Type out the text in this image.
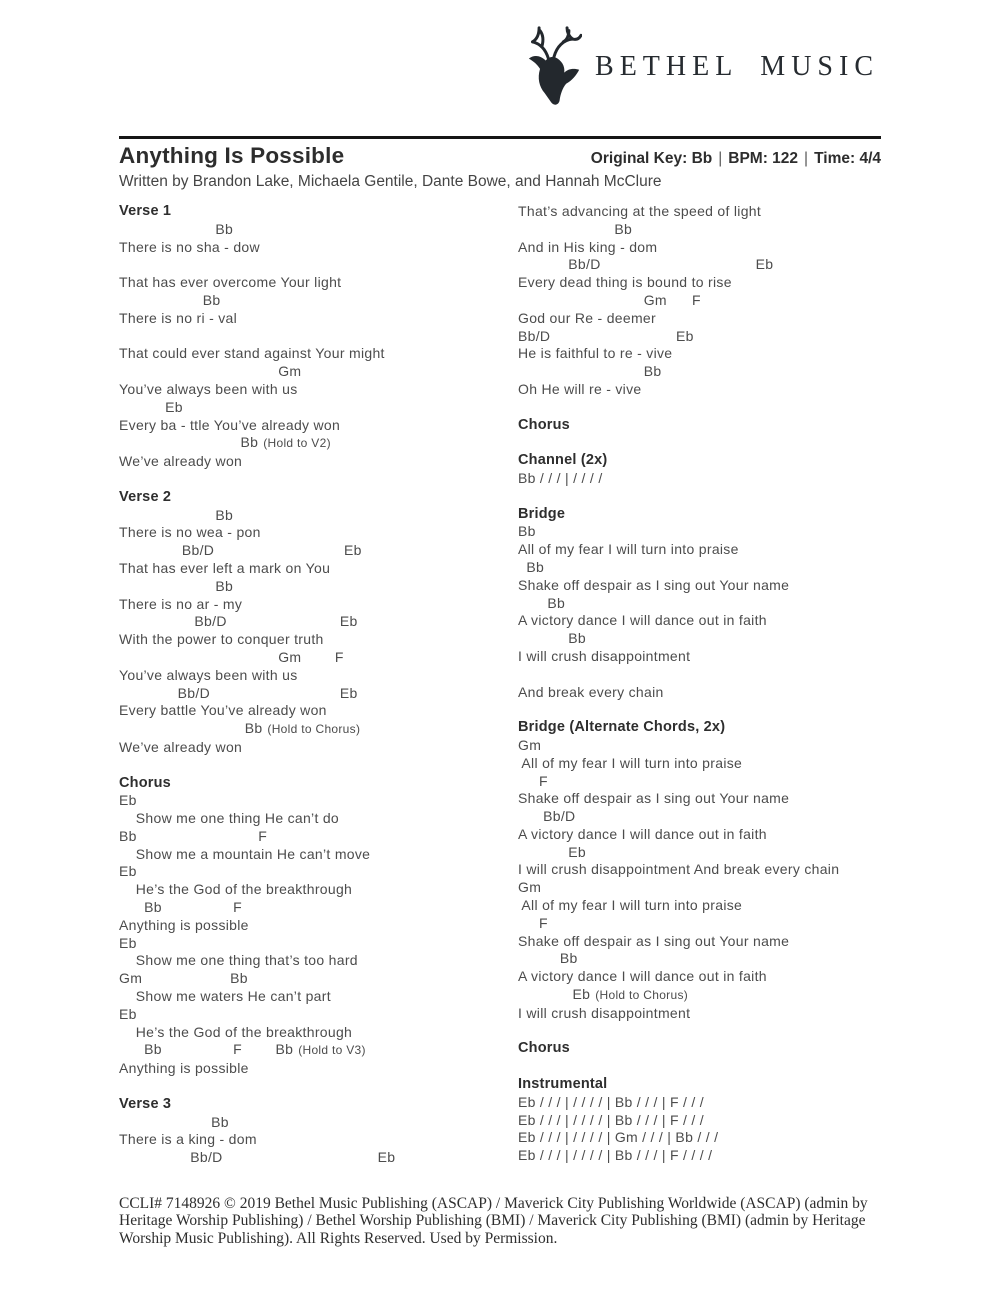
BETHEL MUSIC
Anything Is Possible	Original Key: Bb | BPM: 122 | Time: 4/4
Written by Brandon Lake, Michaela Gentile, Dante Bowe, and Hannah McClure
Verse 1
Bb
There is no sha - dow

That has ever overcome Your light
Bb
There is no ri - val

That could ever stand against Your might
Gm
You’ve always been with us
Eb
Every ba - ttle You’ve already won
Bb (Hold to V2)
We’ve already won
Verse 2
Bb
There is no wea - pon
Bb/D                               Eb
That has ever left a mark on You
Bb
There is no ar - my
Bb/D                           Eb
With the power to conquer truth
Gm        F
You’ve always been with us
Bb/D                               Eb
Every battle You’ve already won
Bb (Hold to Chorus)
We’ve already won
Chorus
Eb
Show me one thing He can’t do
Bb                             F
Show me a mountain He can’t move
Eb
He’s the God of the breakthrough
Bb                 F
Anything is possible
Eb
Show me one thing that’s too hard
Gm                     Bb
Show me waters He can’t part
Eb
He’s the God of the breakthrough
Bb                 F        Bb (Hold to V3)
Anything is possible
Verse 3
Bb
There is a king - dom
Bb/D                                     Eb
That’s advancing at the speed of light
Bb
And in His king - dom
Bb/D                                     Eb
Every dead thing is bound to rise
Gm      F
God our Re - deemer
Bb/D                              Eb
He is faithful to re - vive
Bb
Oh He will re - vive
Chorus
Channel (2x)
Bb / / / | / / / /
Bridge
Bb
All of my fear I will turn into praise
Bb
Shake off despair as I sing out Your name
Bb
A victory dance I will dance out in faith
Bb
I will crush disappointment

And break every chain
Bridge (Alternate Chords, 2x)
Gm
All of my fear I will turn into praise
F
Shake off despair as I sing out Your name
Bb/D
A victory dance I will dance out in faith
Eb
I will crush disappointment And break every chain
Gm
All of my fear I will turn into praise
F
Shake off despair as I sing out Your name
Bb
A victory dance I will dance out in faith
Eb (Hold to Chorus)
I will crush disappointment
Chorus
Instrumental
Eb / / / | / / / / | Bb / / / | F / / /
Eb / / / | / / / / | Bb / / / | F / / /
Eb / / / | / / / / | Gm / / / | Bb / / /
Eb / / / | / / / / | Bb / / / | F / / / /
CCLI# 7148926 © 2019 Bethel Music Publishing (ASCAP) / Maverick City Publishing Worldwide (ASCAP) (admin by Heritage Worship Publishing) / Bethel Worship Publishing (BMI) / Maverick City Publishing (BMI) (admin by Heritage Worship Music Publishing). All Rights Reserved. Used by Permission.
